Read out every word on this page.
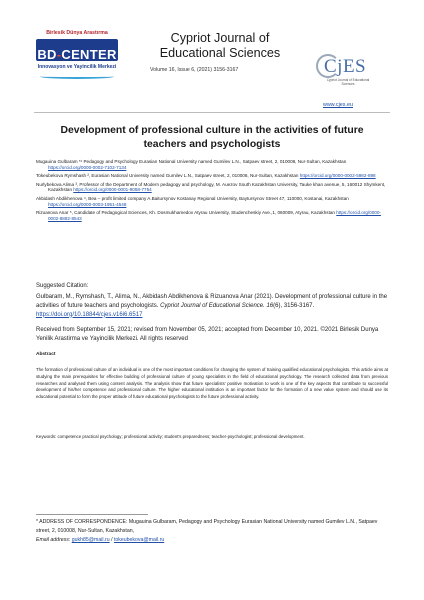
Birlesik Dünya Arastırma
BD-CENTER
Innovasyon ve Yayincilik Merkezi
Cypriot Journal of Educational Sciences
Volume 16, Issue 6, (2021) 3156-3167	CjES
Cypriot Journal of Educational Sciences
www.cjes.eu
Development of professional culture in the activities of future teachers and psychologists
Mugauina Gulbaram *¹ Pedagogy and Psychology Eurasian National University named Gumilev L.N., Satpaev street, 2, 010008, Nur-Sultan, Kazakhstan https://orcid.org/0000-0002-7102-7134
Tokeubekova Rymshash ², Eurasian National University named Gumilev L.N., Satpaev street, 2, 010008, Nur-Sultan, Kazakhstan https://orcid.org/0000-0002-5982-898
Nurlybekova Alima ³, Professor of the Department of Modern pedagogy and psychology, M. Auezov South Kazakhstan University, Tauke khan avenue, 5, 160012 Shymkent, Kazakhstan https://orcid.org/0000-0001-9058-7754
Akbidash Abdikhenova ⁴, Bea – profit limited company A.Baitursynov Kostanay Regional University, Baytursynov Street 47, 110000, Kostanai, Kazakhstan https://orcid.org/0000-0003-1951-4548
Rizuanova Anar ⁵, Candidate of Pedagogical Sciences, Kh. Dosmukhamedov Atyrau University, Studencheskiy Ave.,1, 060009, Atyrau, Kazakhstan https://orcid.org/0000-0002-8882-8543
Suggested Citation:
Gulbaram, M., Rymshash, T., Alima, N., Akbidash Abdikhenova & Rizuanova Anar (2021). Development of professional culture in the activities of future teachers and psychologists. Cypriot Journal of Educational Science. 16(6), 3156-3167. https://doi.org/10.18844/cjes.v16i6.6517
Received from September 15, 2021; revised from November 05, 2021; accepted from December 10, 2021. ©2021 Birlesik Dunya Yenilik Arastirma ve Yayincilik Merkezi. All rights reserved
Abstract
The formation of professional culture of an individual is one of the most important conditions for changing the system of training qualified educational psychologists. This article aims at studying the main prerequisites for effective building of professional culture of young specialists in the field of educational psychology. The research collected data from previous researches and analysed them using content analysis. The analysis show that future specialists' positive motivation to work is one of the key aspects that contribute to successful development of his/her competence and professional culture. The higher educational institution is an important factor for the formation of a new value system and should use its educational potential to form the proper attitude of future educational psychologists to the future professional activity.
Keywords: competence practical psychology; professional activity; student's preparedness; teacher-psychologist; professional development.
* ADDRESS OF CORRESPONDENCE: Mugauina Gulbaram, Pedagogy and Psychology Eurasian National University named Gumilev L.N., Satpaev street, 2, 010008, Nur-Sultan, Kazakhstan,
Email address: gukh85@mail.ru / tokeubekova@mail.ru
